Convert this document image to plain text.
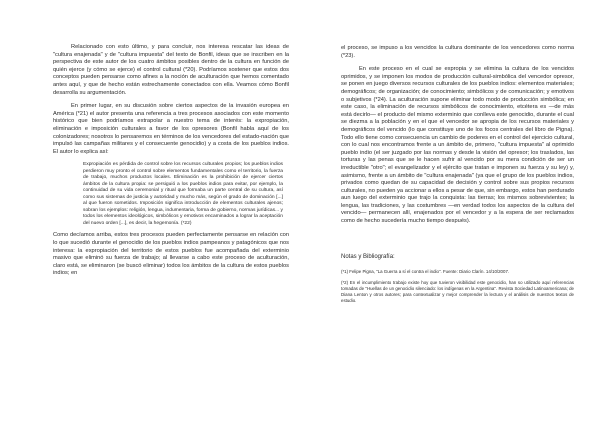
Relacionado con esto último, y para concluir, nos interesa rescatar las ideas de "cultura enajenada" y de "cultura impuesta" del texto de Bonfil, ideas que se inscriben en la perspectiva de este autor de los cuatro ámbitos posibles dentro de la cultura en función de quién ejerce (y cómo se ejerce) el control cultural (*20). Podríamos sostener que estos dos conceptos pueden pensarse como afines a la noción de aculturación que hemos comentado antes aquí, y que de hecho están estrechamente conectados con ella. Veamos cómo Bonfil desarrolla su argumentación.

En primer lugar, en su discusión sobre ciertos aspectos de la invasión europea en América (*21) el autor presenta una referencia a tres procesos asociados con este momento histórico que bien podríamos extrapolar a nuestro tema de interés: la expropiación, eliminación e imposición culturales a favor de los opresores (Bonfil habla aquí de los colonizadores; nosotros lo pensaremos en términos de los vencedores del estado-nación que impulsó las campañas militares y el consecuente genocidio) y a costa de los pueblos indios. El autor lo explica así:

Expropiación es pérdida de control sobre los recursos culturales propios; los pueblos indios perdieron muy pronto el control sobre elementos fundamentales como el territorio, la fuerza de trabajo, muchos productos locales. Eliminación es la prohibición de ejercer ciertos ámbitos de la cultura propia: se persiguió a los pueblos indios para evitar, por ejemplo, la continuidad de su vida ceremonial y ritual que formaba un parte central de su cultura, así como sus sistemas de justicia y autoridad y mucho más, según el grado de dominación [...] al que fueron sometidos. Imposición significa introducción de elementos culturales ajenos; sobran los ejemplos: religión, lengua, indumentaria, forma de gobierno, normas jurídicas... y todos los elementos ideológicos, simbólicos y emotivos encaminados a lograr la aceptación del nuevo orden [...], es decir, la hegemonía. (*22)

Como decíamos arriba, estos tres procesos pueden perfectamente pensarse en relación con lo que sucedió durante el genocidio de los pueblos indios pampeanos y patagónicos que nos interesa: la expropiación del territorio de estos pueblos fue acompañada del exterminio masivo que eliminó su fuerza de trabajo; al llevarse a cabo este proceso de aculturación, claro está, se eliminaron (se buscó eliminar) todos los ámbitos de la cultura de estos pueblos indios; en

el proceso, se impuso a los vencidos la cultura dominante de los vencedores como norma (*23).

En este proceso en el cual se expropia y se elimina la cultura de los vencidos oprimidos, y se imponen los modos de producción cultural-simbólica del vencedor opresor, se ponen en juego diversos recursos culturales de los pueblos indios: elementos materiales; demográficos; de organización; de conocimiento; simbólicos y de comunicación; y emotivos o subjetivos (*24). La aculturación supone eliminar todo modo de producción simbólica; en este caso, la eliminación de recursos simbólicos de conocimiento, etcétera es —de más está decirlo— el producto del mismo exterminio que conlleva este genocidio, durante el cual se diezma a la población y en el que el vencedor se apropia de los recursos materiales y demográficos del vencido (lo que constituye uno de los focos centrales del libro de Pigna). Todo ello tiene como consecuencia un cambio de poderes en el control del ejercicio cultural, con lo cual nos encontramos frente a un ámbito de, primero, "cultura impuesta" al oprimido pueblo indio (el ser juzgado por las normas y desde la visión del opresor; los traslados, las torturas y las penas que se le hacen sufrir al vencido por su mera condición de ser un irreductible "otro"; el evangelizador y el ejército que tratan e imponen su fuerza y su ley) y, asimismo, frente a un ámbito de "cultura enajenada" (ya que el grupo de los pueblos indios, privados como quedan de su capacidad de decisión y control sobre sus propios recursos culturales, no pueden ya accionar a ellos a pesar de que, sin embargo, estos han perdurado aun luego del exterminio que trajo la conquista: las tierras; los mismos sobrevivientes; la lengua, las tradiciones, y las costumbres —en verdad todos los aspectos de la cultura del vencido— permanecen allí, enajenados por el vencedor y a la espera de ser reclamados como de hecho sucedería mucho tiempo después).

Notas y Bibliografía:

(*1) Felipe Pigna, "La Guerra a sí el contra el indio". Fuente: Diario Clarín. 14/10/2007.

(*2) En el incumplimiento trabajo existe hoy que tuvieron visibilidad este genocidio, han so utilizado aquí referencias tomadas de "Huellas de un genocidio silenciado: los indígenas en la Argentina". Revista Sociedad Latinoamericana; de Diana Lenton y otros autores; para contextualizar y mejor comprender la lectura y el análisis de nuestros textos de estudio.
